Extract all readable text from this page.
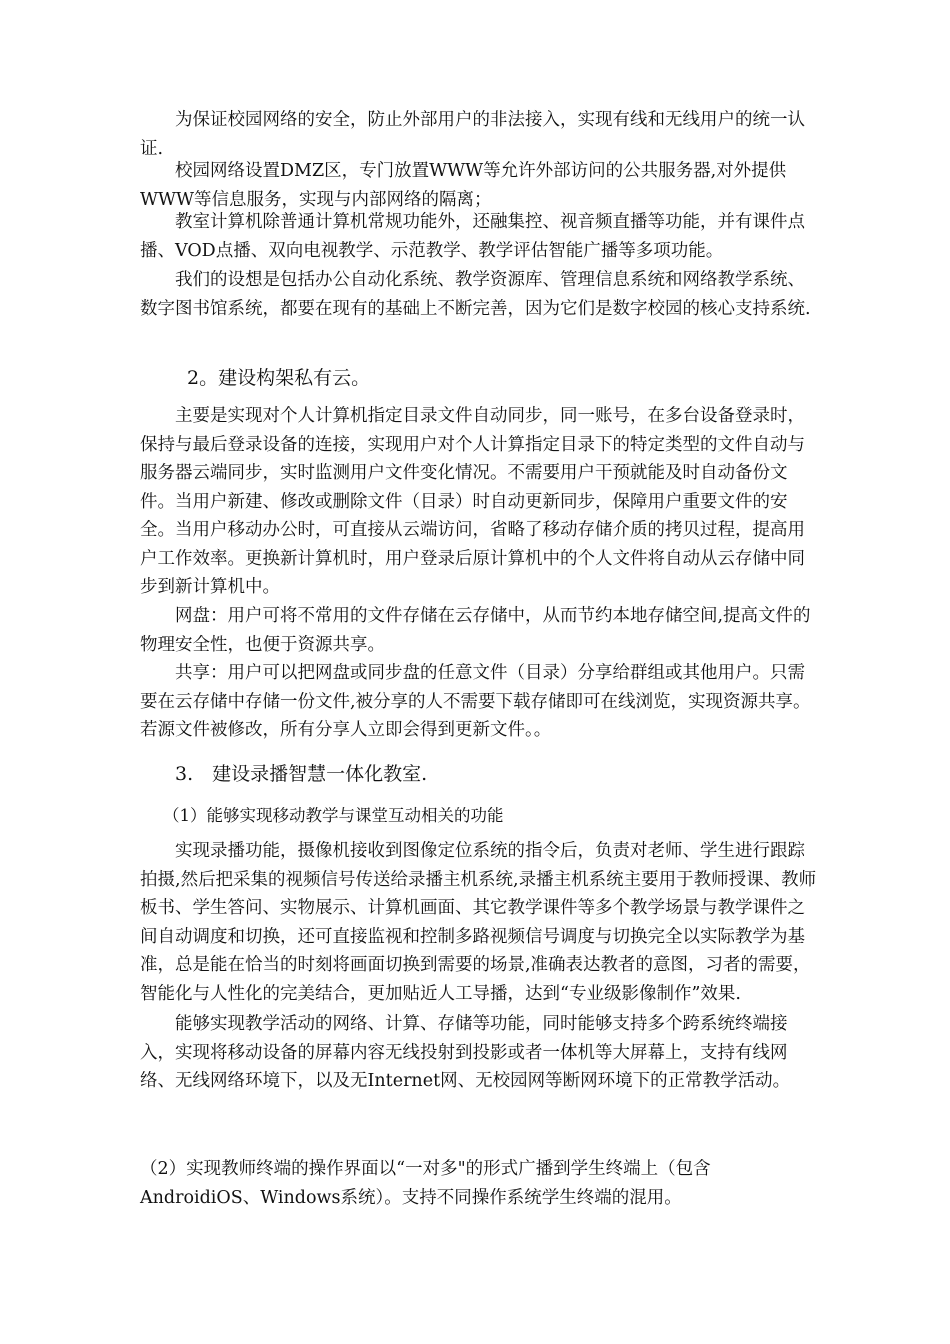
为保证校园网络的安全，防止外部用户的非法接入，实现有线和无线用户的统一认证.

校园网络设置DMZ区，专门放置WWW等允许外部访问的公共服务器,对外提供WWW等信息服务，实现与内部网络的隔离；

教室计算机除普通计算机常规功能外，还融集控、视音频直播等功能，并有课件点播、VOD点播、双向电视教学、示范教学、教学评估智能广播等多项功能。

我们的设想是包括办公自动化系统、教学资源库、管理信息系统和网络教学系统、数字图书馆系统，都要在现有的基础上不断完善，因为它们是数字校园的核心支持系统.

2。建设构架私有云。

主要是实现对个人计算机指定目录文件自动同步，同一账号，在多台设备登录时，保持与最后登录设备的连接，实现用户对个人计算指定目录下的特定类型的文件自动与服务器云端同步，实时监测用户文件变化情况。不需要用户干预就能及时自动备份文件。当用户新建、修改或删除文件（目录）时自动更新同步，保障用户重要文件的安全。当用户移动办公时，可直接从云端访问，省略了移动存储介质的拷贝过程，提高用户工作效率。更换新计算机时，用户登录后原计算机中的个人文件将自动从云存储中同步到新计算机中。

网盘：用户可将不常用的文件存储在云存储中，从而节约本地存储空间,提高文件的物理安全性，也便于资源共享。

共享：用户可以把网盘或同步盘的任意文件（目录）分享给群组或其他用户。只需要在云存储中存储一份文件,被分享的人不需要下载存储即可在线浏览，实现资源共享。若源文件被修改，所有分享人立即会得到更新文件。。

3.　建设录播智慧一体化教室.

（1）能够实现移动教学与课堂互动相关的功能

实现录播功能，摄像机接收到图像定位系统的指令后，负责对老师、学生进行跟踪拍摄,然后把采集的视频信号传送给录播主机系统,录播主机系统主要用于教师授课、教师板书、学生答问、实物展示、计算机画面、其它教学课件等多个教学场景与教学课件之间自动调度和切换，还可直接监视和控制多路视频信号调度与切换完全以实际教学为基准，总是能在恰当的时刻将画面切换到需要的场景,准确表达教者的意图，习者的需要，智能化与人性化的完美结合，更加贴近人工导播，达到“专业级影像制作”效果.

能够实现教学活动的网络、计算、存储等功能，同时能够支持多个跨系统终端接入，实现将移动设备的屏幕内容无线投射到投影或者一体机等大屏幕上，支持有线网络、无线网络环境下，以及无Internet网、无校园网等断网环境下的正常教学活动。

（2）实现教师终端的操作界面以“一对多"的形式广播到学生终端上（包含AndroidiOS、Windows系统）。支持不同操作系统学生终端的混用。
